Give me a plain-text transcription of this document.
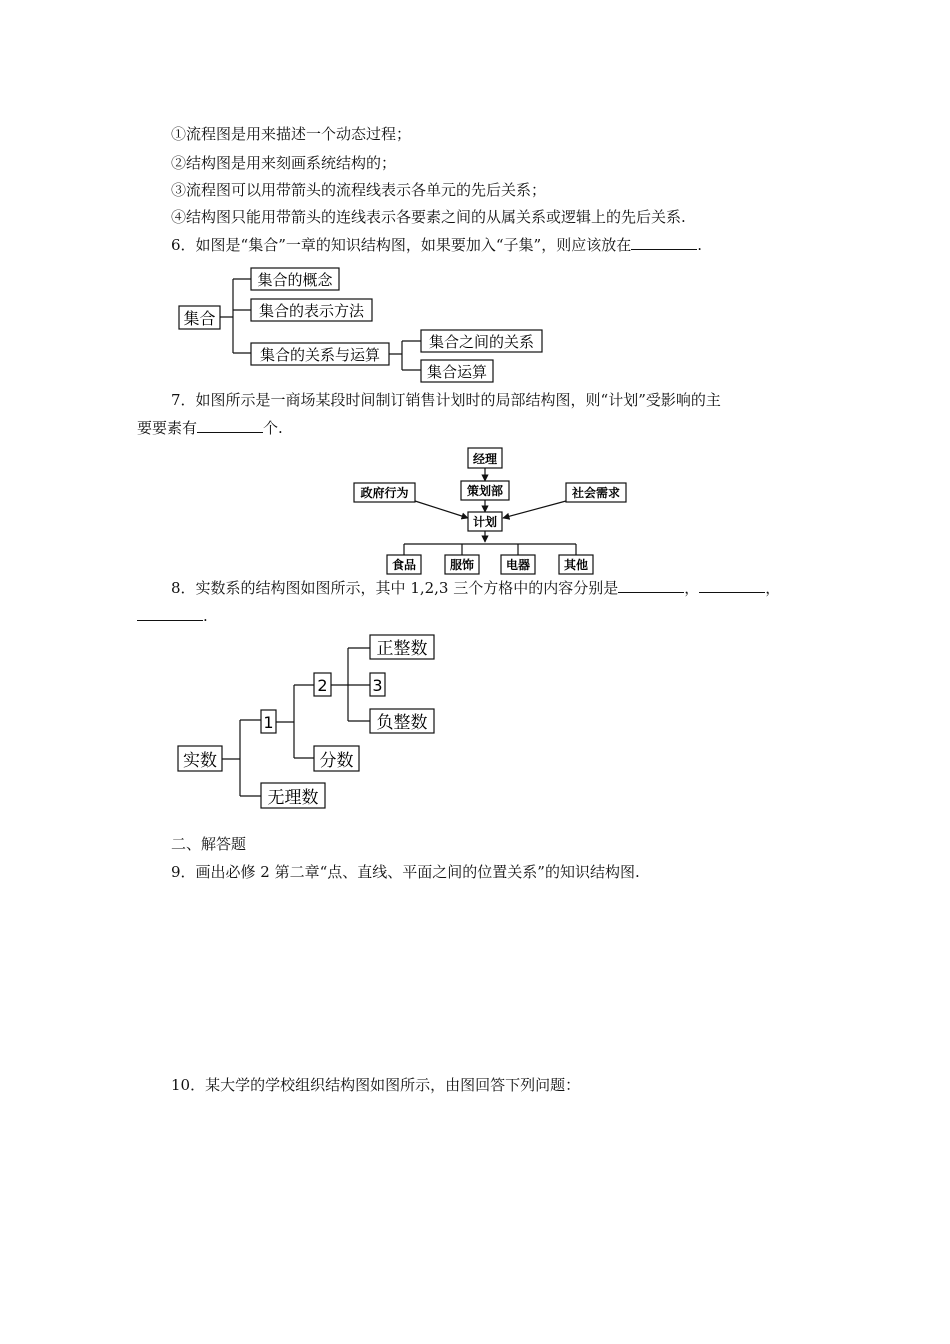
①流程图是用来描述一个动态过程；
②结构图是用来刻画系统结构的；
③流程图可以用带箭头的流程线表示各单元的先后关系；
④结构图只能用带箭头的连线表示各要素之间的从属关系或逻辑上的先后关系.
6．如图是“集合”一章的知识结构图，如果要加入“子集”，则应该放在	.
集合
集合的概念
集合的表示方法
集合的关系与运算
集合之间的关系
集合运算
经理
策划部
政府行为	社会需求
计划
食品	服饰	电器	其他
实数
1
2	3
正整数
负整数
分数
无理数
7．如图所示是一商场某段时间制订销售计划时的局部结构图，则“计划”受影响的主
要要素有	个.
8．实数系的结构图如图所示，其中 1,2,3 三个方格中的内容分别是	，	，
.
二、解答题
9．画出必修 2 第二章“点、直线、平面之间的位置关系”的知识结构图.
10．某大学的学校组织结构图如图所示，由图回答下列问题：
